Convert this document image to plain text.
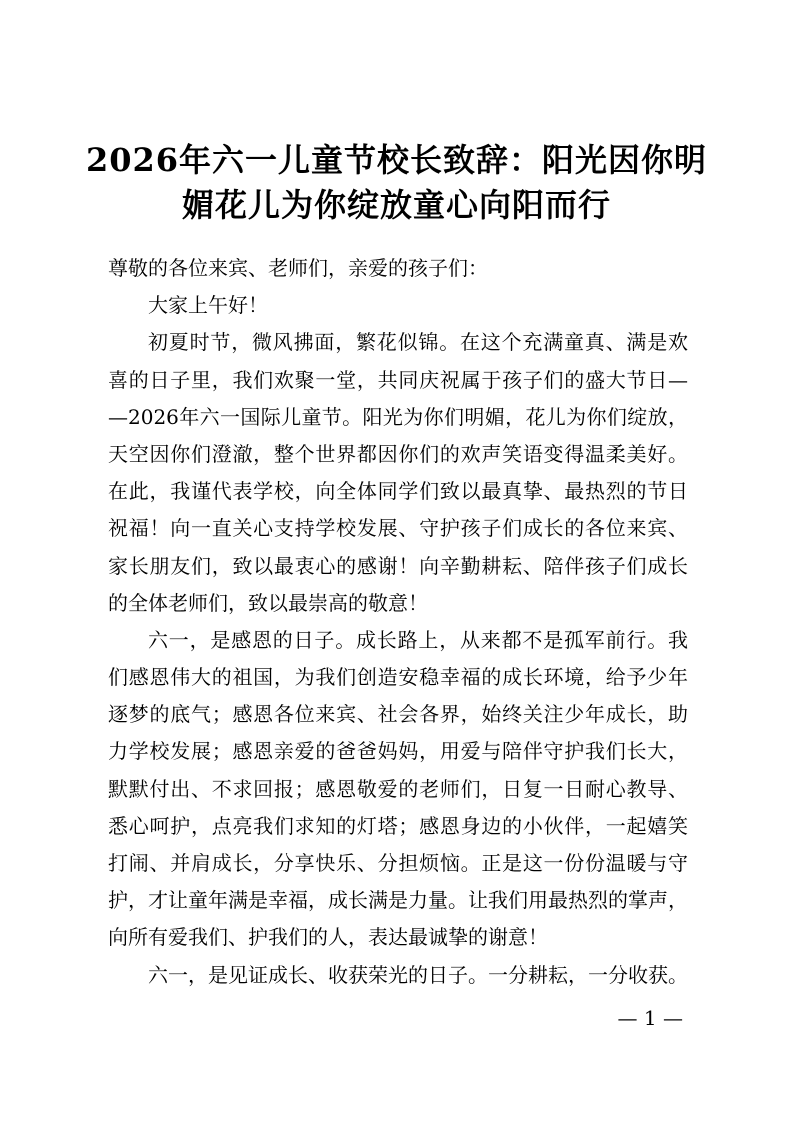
2026年六一儿童节校长致辞：阳光因你明
媚花儿为你绽放童心向阳而行
尊敬的各位来宾、老师们，亲爱的孩子们：
大家上午好！
初夏时节，微风拂面，繁花似锦。在这个充满童真、满是欢
喜的日子里，我们欢聚一堂，共同庆祝属于孩子们的盛大节日—
—2026年六一国际儿童节。阳光为你们明媚，花儿为你们绽放，
天空因你们澄澈，整个世界都因你们的欢声笑语变得温柔美好。
在此，我谨代表学校，向全体同学们致以最真挚、最热烈的节日
祝福！向一直关心支持学校发展、守护孩子们成长的各位来宾、
家长朋友们，致以最衷心的感谢！向辛勤耕耘、陪伴孩子们成长
的全体老师们，致以最崇高的敬意！
六一，是感恩的日子。成长路上，从来都不是孤军前行。我
们感恩伟大的祖国，为我们创造安稳幸福的成长环境，给予少年
逐梦的底气；感恩各位来宾、社会各界，始终关注少年成长，助
力学校发展；感恩亲爱的爸爸妈妈，用爱与陪伴守护我们长大，
默默付出、不求回报；感恩敬爱的老师们，日复一日耐心教导、
悉心呵护，点亮我们求知的灯塔；感恩身边的小伙伴，一起嬉笑
打闹、并肩成长，分享快乐、分担烦恼。正是这一份份温暖与守
护，才让童年满是幸福，成长满是力量。让我们用最热烈的掌声，
向所有爱我们、护我们的人，表达最诚挚的谢意！
六一，是见证成长、收获荣光的日子。一分耕耘，一分收获。
— 1 —
